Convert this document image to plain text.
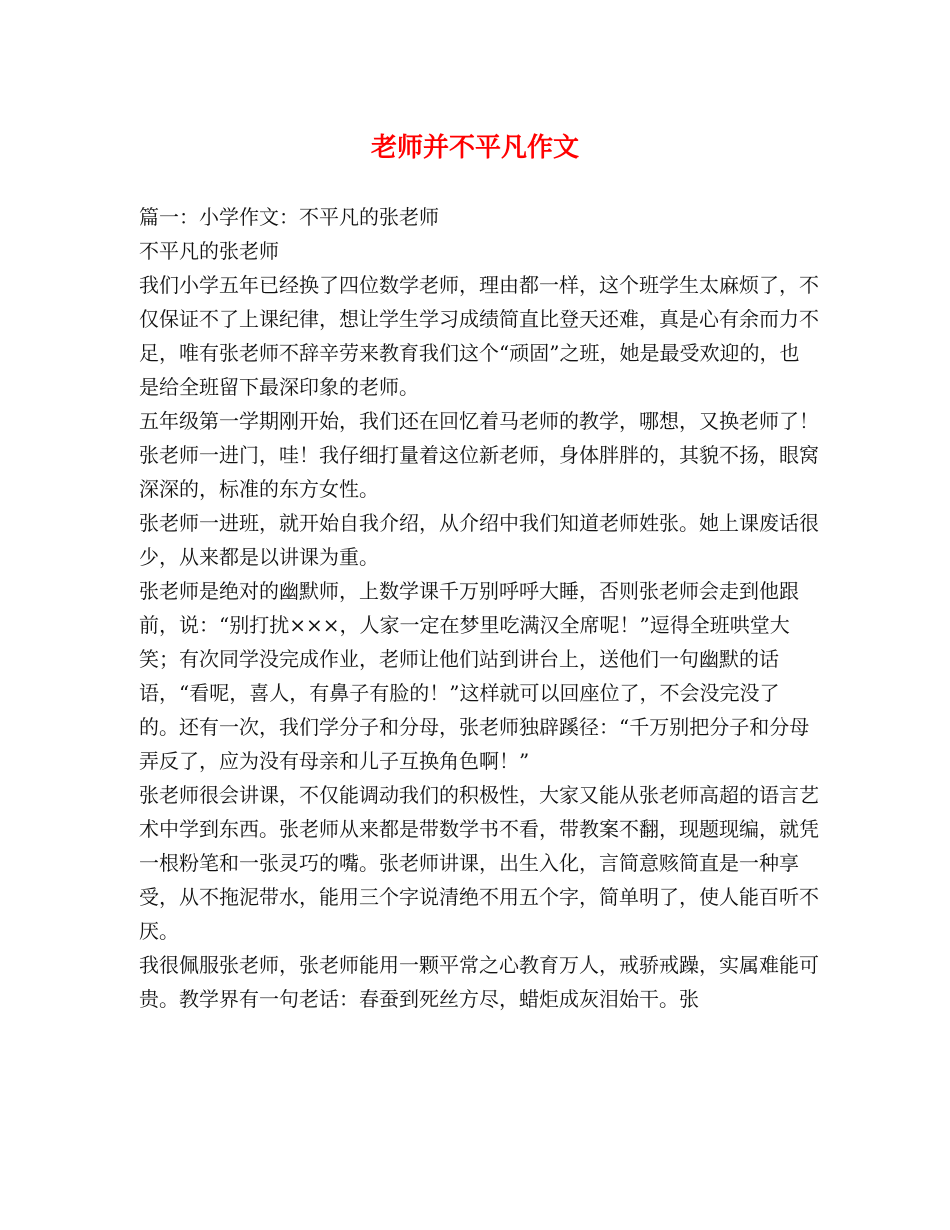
老师并不平凡作文

篇一：小学作文：不平凡的张老师

不平凡的张老师

我们小学五年已经换了四位数学老师，理由都一样，这个班学生太麻烦了，不仅保证不了上课纪律，想让学生学习成绩简直比登天还难，真是心有余而力不足，唯有张老师不辞辛劳来教育我们这个“顽固”之班，她是最受欢迎的，也是给全班留下最深印象的老师。

五年级第一学期刚开始，我们还在回忆着马老师的教学，哪想，又换老师了！张老师一进门，哇！我仔细打量着这位新老师，身体胖胖的，其貌不扬，眼窝深深的，标准的东方女性。

张老师一进班，就开始自我介绍，从介绍中我们知道老师姓张。她上课废话很少，从来都是以讲课为重。

张老师是绝对的幽默师，上数学课千万别呼呼大睡，否则张老师会走到他跟前，说：“别打扰×××，人家一定在梦里吃满汉全席呢！”逗得全班哄堂大笑；有次同学没完成作业，老师让他们站到讲台上，送他们一句幽默的话语，“看呢，喜人，有鼻子有脸的！”这样就可以回座位了，不会没完没了的。还有一次，我们学分子和分母，张老师独辟蹊径：“千万别把分子和分母弄反了，应为没有母亲和儿子互换角色啊！”

张老师很会讲课，不仅能调动我们的积极性，大家又能从张老师高超的语言艺术中学到东西。张老师从来都是带数学书不看，带教案不翻，现题现编，就凭一根粉笔和一张灵巧的嘴。张老师讲课，出生入化，言简意赅简直是一种享受，从不拖泥带水，能用三个字说清绝不用五个字，简单明了，使人能百听不厌。

我很佩服张老师，张老师能用一颗平常之心教育万人，戒骄戒躁，实属难能可贵。教学界有一句老话：春蚕到死丝方尽，蜡炬成灰泪始干。张
